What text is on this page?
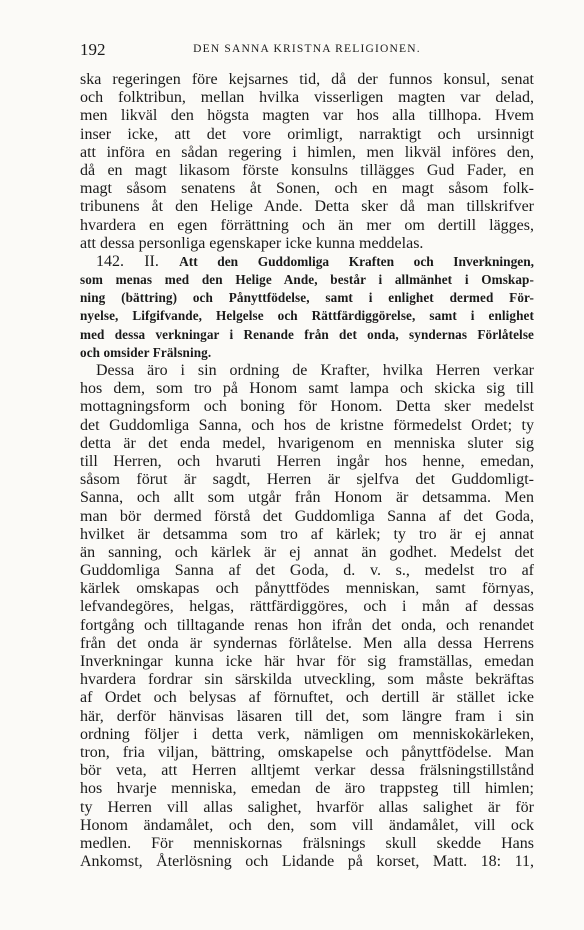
192	DEN SANNA KRISTNA RELIGIONEN.
ska regeringen före kejsarnes tid, då der funnos konsul, senat
och folktribun, mellan hvilka visserligen magten var delad,
men likväl den högsta magten var hos alla tillhopa. Hvem
inser icke, att det vore orimligt, narraktigt och ursinnigt
att införa en sådan regering i himlen, men likväl införes den,
då en magt likasom förste konsulns tillägges Gud Fader, en
magt såsom senatens åt Sonen, och en magt såsom folk-
tribunens åt den Helige Ande. Detta sker då man tillskrifver
hvardera en egen förrättning och än mer om dertill lägges,
att dessa personliga egenskaper icke kunna meddelas.
142. II. Att den Guddomliga Kraften och Inverkningen,
som menas med den Helige Ande, består i allmänhet i Omskap-
ning (bättring) och Pånyttfödelse, samt i enlighet dermed För-
nyelse, Lifgifvande, Helgelse och Rättfärdiggörelse, samt i enlighet
med dessa verkningar i Renande från det onda, syndernas Förlåtelse
och omsider Frälsning.
Dessa äro i sin ordning de Krafter, hvilka Herren verkar
hos dem, som tro på Honom samt lampa och skicka sig till
mottagningsform och boning för Honom. Detta sker medelst
det Guddomliga Sanna, och hos de kristne förmedelst Ordet; ty
detta är det enda medel, hvarigenom en menniska sluter sig
till Herren, och hvaruti Herren ingår hos henne, emedan,
såsom förut är sagdt, Herren är sjelfva det Guddomligt-
Sanna, och allt som utgår från Honom är detsamma. Men
man bör dermed förstå det Guddomliga Sanna af det Goda,
hvilket är detsamma som tro af kärlek; ty tro är ej annat
än sanning, och kärlek är ej annat än godhet. Medelst det
Guddomliga Sanna af det Goda, d. v. s., medelst tro af
kärlek omskapas och pånyttfödes menniskan, samt förnyas,
lefvandegöres, helgas, rättfärdiggöres, och i mån af dessas
fortgång och tilltagande renas hon ifrån det onda, och renandet
från det onda är syndernas förlåtelse. Men alla dessa Herrens
Inverkningar kunna icke här hvar för sig framställas, emedan
hvardera fordrar sin särskilda utveckling, som måste bekräftas
af Ordet och belysas af förnuftet, och dertill är stället icke
här, derför hänvisas läsaren till det, som längre fram i sin
ordning följer i detta verk, nämligen om menniskokärleken,
tron, fria viljan, bättring, omskapelse och pånyttfödelse. Man
bör veta, att Herren alltjemt verkar dessa frälsningstillstånd
hos hvarje menniska, emedan de äro trappsteg till himlen;
ty Herren vill allas salighet, hvarför allas salighet är för
Honom ändamålet, och den, som vill ändamålet, vill ock
medlen. För menniskornas frälsnings skull skedde Hans
Ankomst, Återlösning och Lidande på korset, Matt. 18: 11,
